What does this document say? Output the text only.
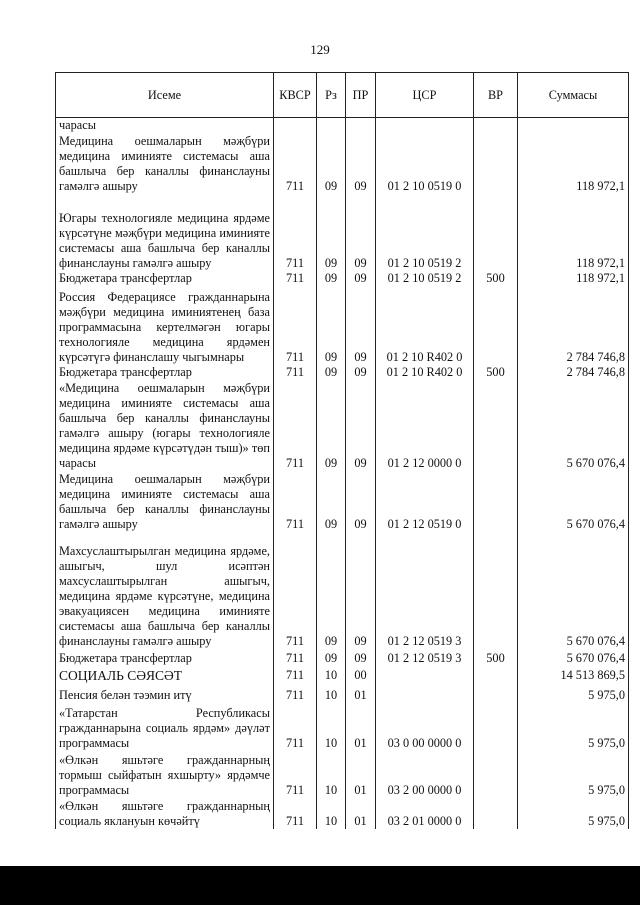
129
Исеме	КВСР	Рз	ПР	ЦСР	ВР	Суммасы
чарасы						
Медицина оешмаларын мәҗбүри медицина иминияте системасы аша башлыча бер каналлы финанслауны гамәлгә ашыру	711	09	09	01 2 10 0519 0		118 972,1
Югары технологияле медицина ярдәме күрсәтүне мәҗбүри медицина иминияте системасы аша башлыча бер каналлы финанслауны гамәлгә ашыру	711	09	09	01 2 10 0519 2		118 972,1
Бюджетара трансфертлар	711	09	09	01 2 10 0519 2	500	118 972,1
Россия Федерациясе гражданнарына мәҗбүри медицина иминиятенең база программасына кертелмәгән югары технологияле медицина ярдәмен күрсәтүгә финанслашу чыгымнары	711	09	09	01 2 10 R402 0		2 784 746,8
Бюджетара трансфертлар	711	09	09	01 2 10 R402 0	500	2 784 746,8
«Медицина оешмаларын мәҗбүри медицина иминияте системасы аша башлыча бер каналлы финанслауны гамәлгә ашыру (югары технологияле медицина ярдәме күрсәтүдән тыш)» төп чарасы	711	09	09	01 2 12 0000 0		5 670 076,4
Медицина оешмаларын мәҗбүри медицина иминияте системасы аша башлыча бер каналлы финанслауны гамәлгә ашыру	711	09	09	01 2 12 0519 0		5 670 076,4
Махсуслаштырылган медицина ярдәме, ашыгыч, шул исәптән махсуслаштырылган ашыгыч, медицина ярдәме күрсәтүне, медицина эвакуациясен медицина иминияте системасы аша башлыча бер каналлы финанслауны гамәлгә ашыру	711	09	09	01 2 12 0519 3		5 670 076,4
Бюджетара трансфертлар	711	09	09	01 2 12 0519 3	500	5 670 076,4
СОЦИАЛЬ СӘЯСӘТ	711	10	00			14 513 869,5
Пенсия белән тәэмин итү	711	10	01			5 975,0
«Татарстан Республикасы гражданнарына социаль ярдәм» дәүләт программасы	711	10	01	03 0 00 0000 0		5 975,0
«Өлкән яшьтәге гражданнарның тормыш сыйфатын яхшырту» ярдәмче программасы	711	10	01	03 2 00 0000 0		5 975,0
«Өлкән яшьтәге гражданнарның социаль яклануын көчәйтү	711	10	01	03 2 01 0000 0		5 975,0
